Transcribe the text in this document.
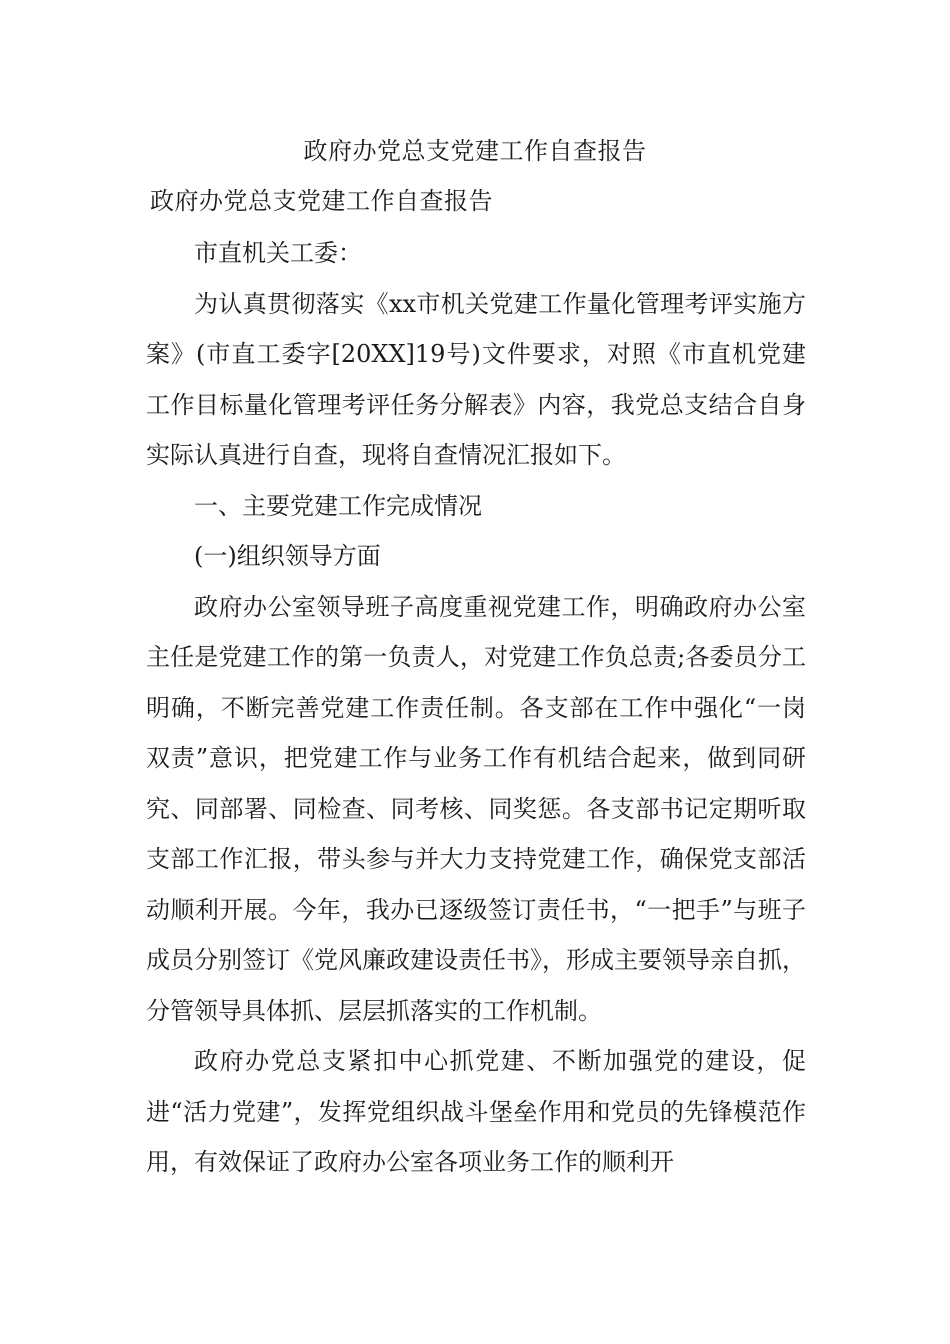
政府办党总支党建工作自查报告
政府办党总支党建工作自查报告

市直机关工委：

为认真贯彻落实《xx市机关党建工作量化管理考评实施方案》(市直工委字[20XX]19号)文件要求，对照《市直机党建工作目标量化管理考评任务分解表》内容，我党总支结合自身实际认真进行自查，现将自查情况汇报如下。

一、主要党建工作完成情况

(一)组织领导方面

政府办公室领导班子高度重视党建工作，明确政府办公室主任是党建工作的第一负责人，对党建工作负总责;各委员分工明确，不断完善党建工作责任制。各支部在工作中强化“一岗双责”意识，把党建工作与业务工作有机结合起来，做到同研究、同部署、同检查、同考核、同奖惩。各支部书记定期听取支部工作汇报，带头参与并大力支持党建工作，确保党支部活动顺利开展。今年，我办已逐级签订责任书，“一把手”与班子成员分别签订《党风廉政建设责任书》，形成主要领导亲自抓，分管领导具体抓、层层抓落实的工作机制。

政府办党总支紧扣中心抓党建、不断加强党的建设，促进“活力党建”，发挥党组织战斗堡垒作用和党员的先锋模范作用，有效保证了政府办公室各项业务工作的顺利开
